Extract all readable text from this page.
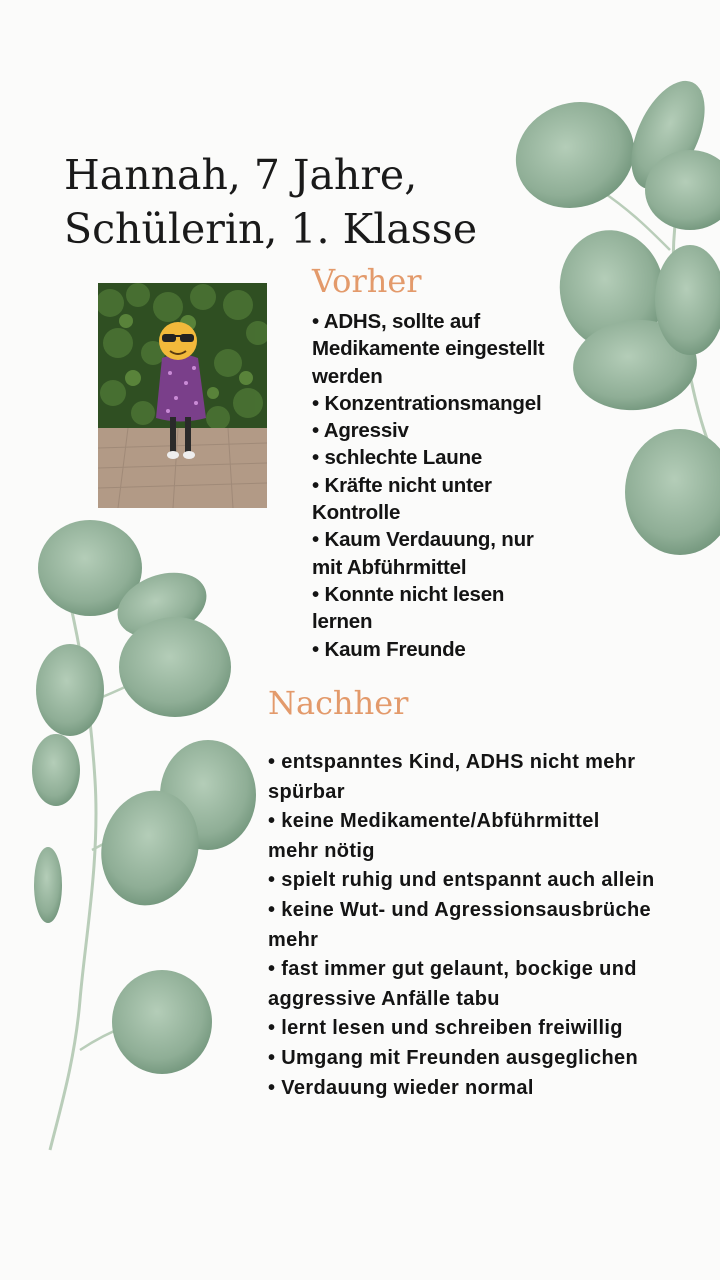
Hannah, 7 Jahre,
Schülerin, 1. Klasse
Vorher
• ADHS, sollte auf
Medikamente eingestellt
werden
• Konzentrationsmangel
• Agressiv
• schlechte Laune
• Kräfte nicht unter
Kontrolle
• Kaum Verdauung, nur
mit Abführmittel
• Konnte nicht lesen
lernen
• Kaum Freunde
Nachher
• entspanntes Kind, ADHS nicht mehr
spürbar
• keine Medikamente/Abführmittel
mehr nötig
• spielt ruhig und entspannt auch allein
• keine Wut- und Agressionsausbrüche
mehr
• fast immer gut gelaunt, bockige und
aggressive Anfälle tabu
• lernt lesen und schreiben freiwillig
• Umgang mit Freunden ausgeglichen
• Verdauung wieder normal
